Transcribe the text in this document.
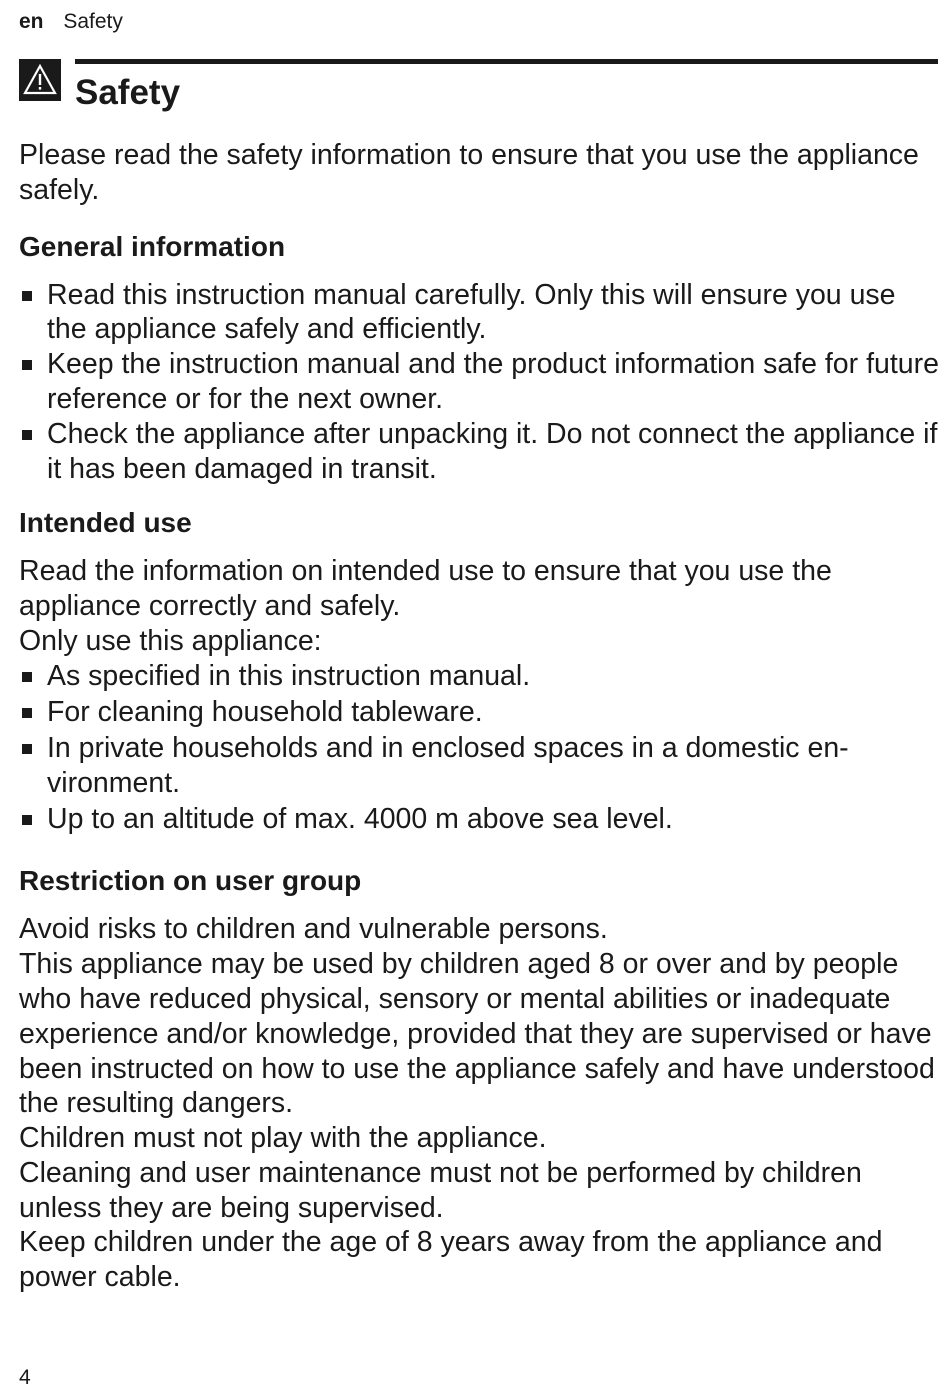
en Safety
Safety

Please read the safety information to ensure that you use the appliance safely.

General information
Read this instruction manual carefully. Only this will ensure you use the appliance safely and efficiently.
Keep the instruction manual and the product information safe for future reference or for the next owner.
Check the appliance after unpacking it. Do not connect the appliance if it has been damaged in transit.
Intended use

Read the information on intended use to ensure that you use the appliance correctly and safely.

Only use this appliance:

As specified in this instruction manual.
For cleaning household tableware.
In private households and in enclosed spaces in a domestic environment.
Up to an altitude of max. 4000 m above sea level.
Restriction on user group

Avoid risks to children and vulnerable persons.

This appliance may be used by children aged 8 or over and by people who have reduced physical, sensory or mental abilities or inadequate experience and/or knowledge, provided that they are supervised or have been instructed on how to use the appliance safely and have understood the resulting dangers.

Children must not play with the appliance.

Cleaning and user maintenance must not be performed by children unless they are being supervised.

Keep children under the age of 8 years away from the appliance and power cable.

4
